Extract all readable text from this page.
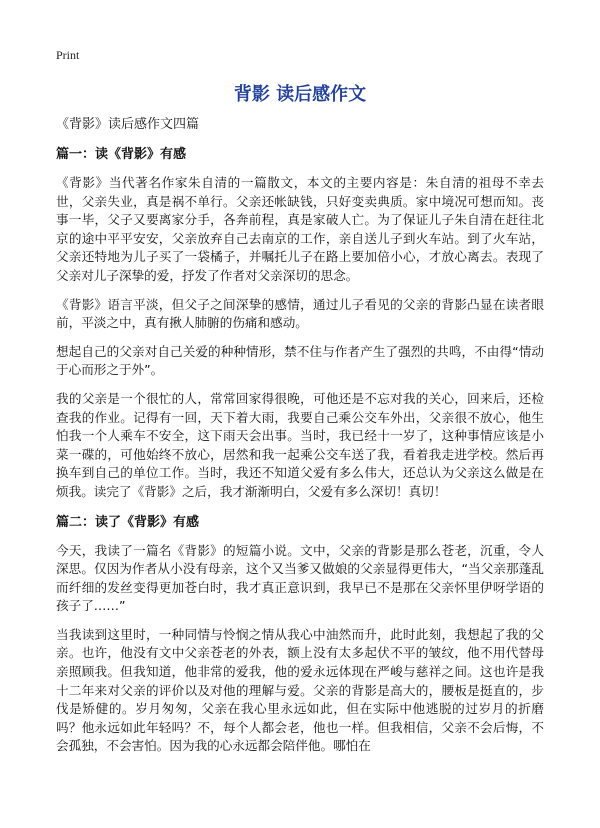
Print
背影 读后感作文
《背影》读后感作文四篇
篇一：读《背影》有感

《背影》当代著名作家朱自清的一篇散文，本文的主要内容是：朱自清的祖母不幸去世，父亲失业，真是祸不单行。父亲还帐缺钱，只好变卖典质。家中境况可想而知。丧事一毕，父子又要离家分手，各奔前程，真是家破人亡。为了保证儿子朱自清在赶往北京的途中平平安安，父亲放弃自己去南京的工作，亲自送儿子到火车站。到了火车站，父亲还特地为儿子买了一袋橘子，并嘱托儿子在路上要加倍小心，才放心离去。表现了父亲对儿子深挚的爱，抒发了作者对父亲深切的思念。

《背影》语言平淡，但父子之间深挚的感情，通过儿子看见的父亲的背影凸显在读者眼前，平淡之中，真有揪人肺腑的伤痛和感动。

想起自己的父亲对自己关爱的种种情形，禁不住与作者产生了强烈的共鸣，不由得“情动于心而形之于外”。

我的父亲是一个很忙的人，常常回家得很晚，可他还是不忘对我的关心，回来后，还检查我的作业。记得有一回，天下着大雨，我要自己乘公交车外出，父亲很不放心，他生怕我一个人乘车不安全，这下雨天会出事。当时，我已经十一岁了，这种事情应该是小菜一碟的，可他始终不放心，居然和我一起乘公交车送了我，看着我走进学校。然后再换车到自己的单位工作。当时，我还不知道父爱有多么伟大，还总认为父亲这么做是在烦我。读完了《背影》之后，我才渐渐明白，父爱有多么深切！真切！

篇二：读了《背影》有感

今天，我读了一篇名《背影》的短篇小说。文中，父亲的背影是那么苍老，沉重，令人深思。仅因为作者从小没有母亲，这个又当爹又做娘的父亲显得更伟大，“当父亲那蓬乱而纤细的发丝变得更加苍白时，我才真正意识到，我早已不是那在父亲怀里伊呀学语的孩子了……”

当我读到这里时，一种同情与怜悯之情从我心中油然而升，此时此刻，我想起了我的父亲。也许，他没有文中父亲苍老的外表，额上没有太多起伏不平的皱纹，他不用代替母亲照顾我。但我知道，他非常的爱我，他的爱永远体现在严峻与慈祥之间。这也许是我十二年来对父亲的评价以及对他的理解与爱。父亲的背影是高大的，腰板是挺直的，步伐是矫健的。岁月匆匆，父亲在我心里永远如此，但在实际中他逃脱的过岁月的折磨吗？他永远如此年轻吗？不，每个人都会老，他也一样。但我相信，父亲不会后悔，不会孤独，不会害怕。因为我的心永远都会陪伴他。哪怕在
